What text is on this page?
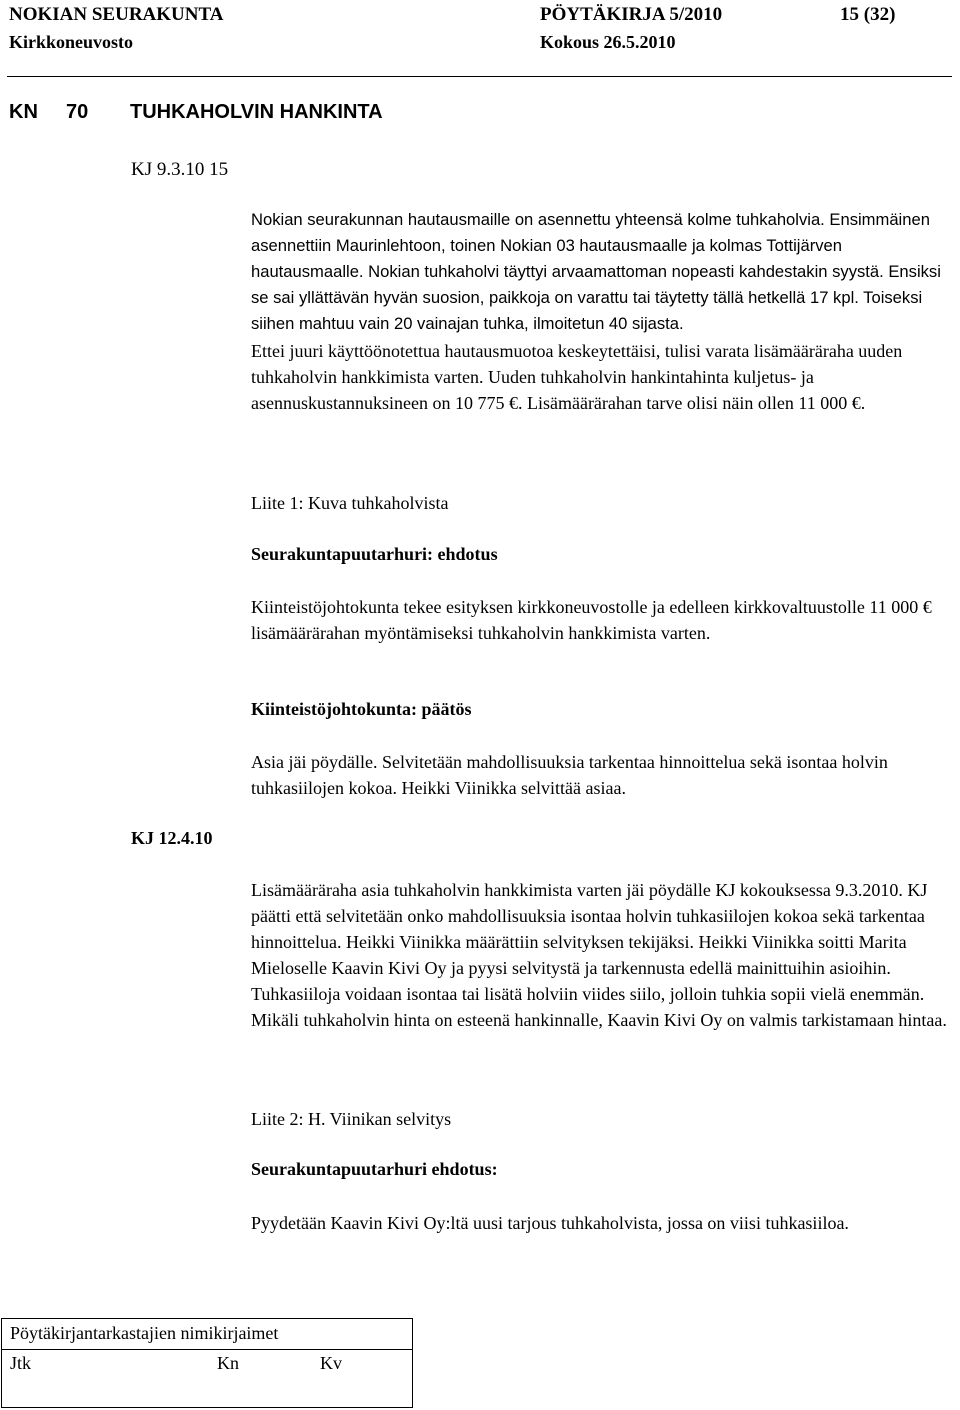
NOKIAN SEURAKUNTA	PÖYTÄKIRJA 5/2010	15 (32)
Kirkkoneuvosto	Kokous 26.5.2010
KN 70 TUHKAHOLVIN HANKINTA
KJ 9.3.10 15
Nokian seurakunnan hautausmaille on asennettu yhteensä kolme tuhkaholvia. Ensimmäinen asennettiin Maurinlehtoon, toinen Nokian 03 hautausmaalle ja kolmas Tottijärven hautausmaalle. Nokian tuhkaholvi täyttyi arvaamattoman nopeasti kahdestakin syystä. Ensiksi se sai yllättävän hyvän suosion, paikkoja on varattu tai täytetty tällä hetkellä 17 kpl. Toiseksi siihen mahtuu vain 20 vainajan tuhka, ilmoitetun 40 sijasta.
Ettei juuri käyttöönotettua hautausmuotoa keskeytettäisi, tulisi varata lisämääräraha uuden tuhkaholvin hankkimista varten. Uuden tuhkaholvin hankintahinta kuljetus- ja asennuskustannuksineen on 10 775 €. Lisämäärärahan tarve olisi näin ollen 11 000 €.
Liite 1: Kuva tuhkaholvista
Seurakuntapuutarhuri: ehdotus
Kiinteistöjohtokunta tekee esityksen kirkkoneuvostolle ja edelleen kirkkovaltuustolle 11 000 € lisämäärärahan myöntämiseksi tuhkaholvin hankkimista varten.
Kiinteistöjohtokunta: päätös
Asia jäi pöydälle. Selvitetään mahdollisuuksia tarkentaa hinnoittelua sekä isontaa holvin tuhkasiilojen kokoa. Heikki Viinikka selvittää asiaa.
KJ 12.4.10
Lisämääräraha asia tuhkaholvin hankkimista varten jäi pöydälle KJ kokouksessa 9.3.2010. KJ päätti että selvitetään onko mahdollisuuksia isontaa holvin tuhkasiilojen kokoa sekä tarkentaa hinnoittelua. Heikki Viinikka määrättiin selvityksen tekijäksi. Heikki Viinikka soitti Marita Mieloselle Kaavin Kivi Oy ja pyysi selvitystä ja tarkennusta edellä mainittuihin asioihin. Tuhkasiiloja voidaan isontaa tai lisätä holviin viides siilo, jolloin tuhkia sopii vielä enemmän. Mikäli tuhkaholvin hinta on esteenä hankinnalle, Kaavin Kivi Oy on valmis tarkistamaan hintaa.
Liite 2: H. Viinikan selvitys
Seurakuntapuutarhuri ehdotus:
Pyydetään Kaavin Kivi Oy:ltä uusi tarjous tuhkaholvista, jossa on viisi tuhkasiiloa.
Pöytäkirjantarkastajien nimikirjaimet
Jtk	Kn	Kv
